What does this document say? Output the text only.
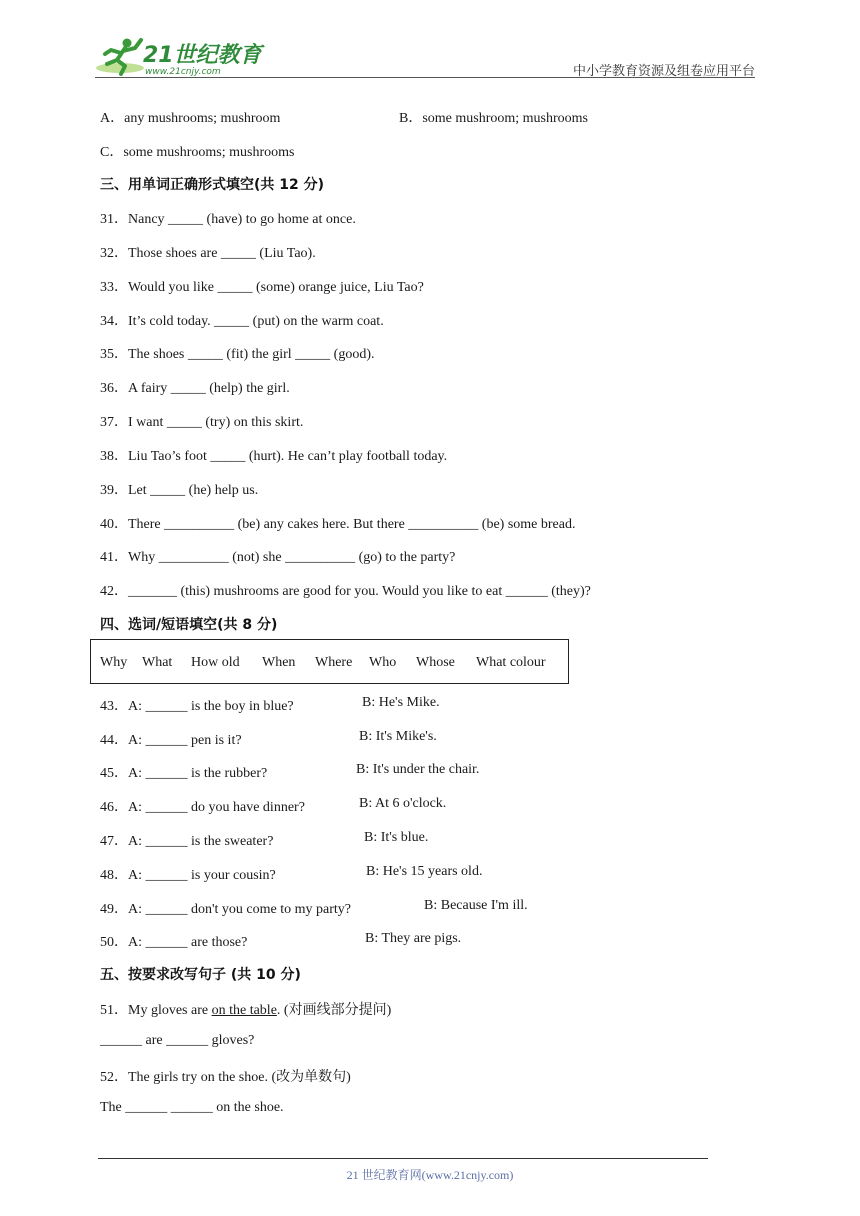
21世纪教育
www.21cnjy.com	中小学教育资源及组卷应用平台
A．any mushrooms; mushroom	B．some mushroom; mushrooms
C．some mushrooms; mushrooms
三、用单词正确形式填空(共 12 分)
31．Nancy _____ (have) to go home at once.
32．Those shoes are _____ (Liu Tao).
33．Would you like _____ (some) orange juice, Liu Tao?
34．It’s cold today. _____ (put) on the warm coat.
35．The shoes _____ (fit) the girl _____ (good).
36．A fairy _____ (help) the girl.
37．I want _____ (try) on this skirt.
38．Liu Tao’s foot _____ (hurt). He can’t play football today.
39．Let _____ (he) help us.
40．There __________ (be) any cakes here. But there __________ (be) some bread.
41．Why __________ (not) she __________ (go) to the party?
42．_______ (this) mushrooms are good for you. Would you like to eat ______ (they)?
四、选词/短语填空(共 8 分)
Why What How old When Where Who Whose What colour
43．A: ______ is the boy in blue?	B: He's Mike.
44．A: ______ pen is it?	B: It's Mike's.
45．A: ______ is the rubber?	B: It's under the chair.
46．A: ______ do you have dinner?	B: At 6 o'clock.
47．A: ______ is the sweater?	B: It's blue.
48．A: ______ is your cousin?	B: He's 15 years old.
49．A: ______ don't you come to my party?	B: Because I'm ill.
50．A: ______ are those?	B: They are pigs.
五、按要求改写句子 (共 10 分)
51．My gloves are on the table. (对画线部分提问)
______ are ______ gloves?
52．The girls try on the shoe. (改为单数句)
The ______ ______ on the shoe.
21 世纪教育网(www.21cnjy.com)
